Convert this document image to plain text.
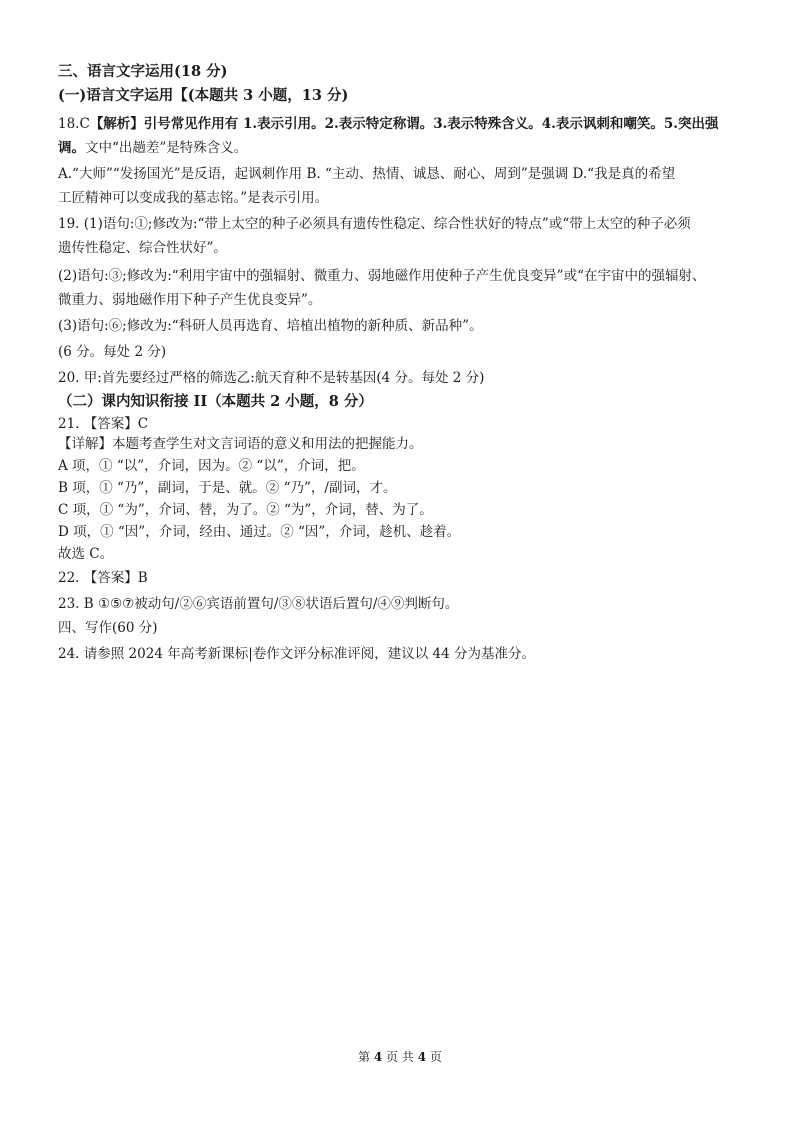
三、语言文字运用(18 分)
(一)语言文字运用【(本题共 3 小题，13 分)
18.C【解析】引号常见作用有 1.表示引用。2.表示特定称谓。3.表示特殊含义。4.表示讽刺和嘲笑。5.突出强
调。文中“出趟差”是特殊含义。
A.“大师”“发扬国光”是反语，起讽刺作用 B. “主动、热情、诚恳、耐心、周到”是强调 D.“我是真的希望
工匠精神可以变成我的墓志铭。”是表示引用。
19. (1)语句:①;修改为:“带上太空的种子必须具有遗传性稳定、综合性状好的特点”或“带上太空的种子必须
遗传性稳定、综合性状好”。
(2)语句:③;修改为:“利用宇宙中的强辐射、微重力、弱地磁作用使种子产生优良变异”或“在宇宙中的强辐射、
微重力、弱地磁作用下种子产生优良变异”。
(3)语句:⑥;修改为:“科研人员再选育、培植出植物的新种质、新品种”。
(6 分。每处 2 分)
20. 甲:首先要经过严格的筛选乙:航天育种不是转基因(4 分。每处 2 分)
（二）课内知识衔接 II（本题共 2 小题，8 分）
21. 【答案】C
【详解】本题考查学生对文言词语的意义和用法的把握能力。
A 项，① “以”，介词，因为。② “以”，介词，把。
B 项，① “乃”，副词，于是、就。② “乃”，/副词，才。
C 项，① “为”，介词、替，为了。② “为”，介词，替、为了。
D 项，① “因”，介词，经由、通过。② “因”，介词，趁机、趁着。
故选 C。
22. 【答案】B
23. B ①⑤⑦被动句/②⑥宾语前置句/③⑧状语后置句/④⑨判断句。
四、写作(60 分)
24. 请参照 2024 年高考新课标|卷作文评分标准评阅，建议以 44 分为基准分。
第 4 页 共 4 页
